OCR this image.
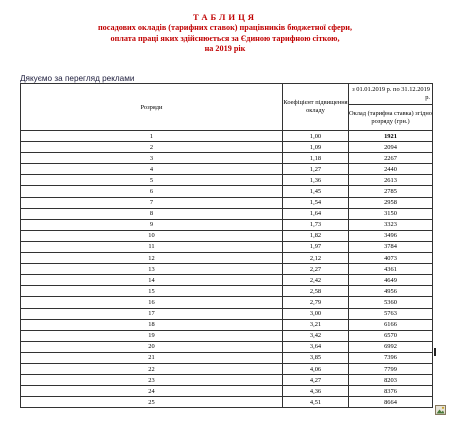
ТАБЛИЦЯ
посадових окладів (тарифних ставок) працівників бюджетної сфери,
оплата праці яких здійснюється за Єдиною тарифною сіткою,
на 2019 рік
Дякуємо за перегляд реклами
Розряди	Коефіцієнт підвищення окладу	з 01.01.2019 р. по 31.12.2019 р.
		Оклад (тарифна ставка) згідно розряду (грн.)
1	1,00	1921
2	1,09	2094
3	1,18	2267
4	1,27	2440
5	1,36	2613
6	1,45	2785
7	1,54	2958
8	1,64	3150
9	1,73	3323
10	1,82	3496
11	1,97	3784
12	2,12	4073
13	2,27	4361
14	2,42	4649
15	2,58	4956
16	2,79	5360
17	3,00	5763
18	3,21	6166
19	3,42	6570
20	3,64	6992
21	3,85	7396
22	4,06	7799
23	4,27	8203
24	4,36	8376
25	4,51	8664
